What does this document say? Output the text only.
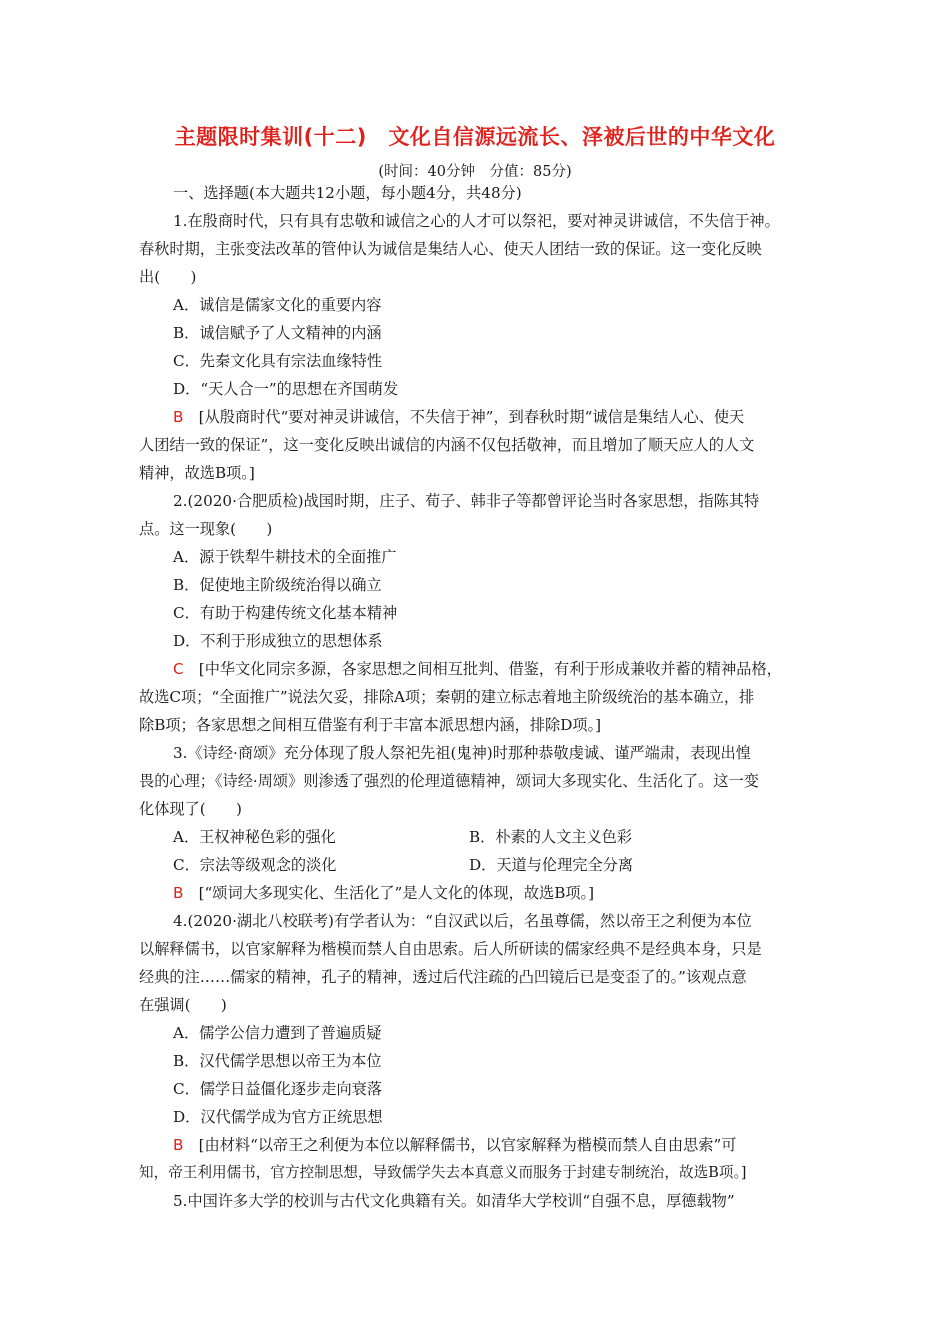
主题限时集训(十二)　文化自信源远流长、泽被后世的中华文化
(时间：40分钟　分值：85分)

一、选择题(本大题共12小题，每小题4分，共48分)

1.在殷商时代，只有具有忠敬和诚信之心的人才可以祭祀，要对神灵讲诚信，不失信于神。

春秋时期，主张变法改革的管仲认为诚信是集结人心、使天人团结一致的保证。这一变化反映

出(　　)

A．诚信是儒家文化的重要内容

B．诚信赋予了人文精神的内涵

C．先秦文化具有宗法血缘特性

D．“天人合一”的思想在齐国萌发

B　[从殷商时代“要对神灵讲诚信，不失信于神”，到春秋时期“诚信是集结人心、使天

人团结一致的保证”，这一变化反映出诚信的内涵不仅包括敬神，而且增加了顺天应人的人文

精神，故选B项。]

2.(2020·合肥质检)战国时期，庄子、荀子、韩非子等都曾评论当时各家思想，指陈其特

点。这一现象(　　)

A．源于铁犁牛耕技术的全面推广

B．促使地主阶级统治得以确立

C．有助于构建传统文化基本精神

D．不利于形成独立的思想体系

C　[中华文化同宗多源，各家思想之间相互批判、借鉴，有利于形成兼收并蓄的精神品格，

故选C项；“全面推广”说法欠妥，排除A项；秦朝的建立标志着地主阶级统治的基本确立，排

除B项；各家思想之间相互借鉴有利于丰富本派思想内涵，排除D项。]

3.《诗经·商颂》充分体现了殷人祭祀先祖(鬼神)时那种恭敬虔诚、谨严端肃，表现出惶

畏的心理；《诗经·周颂》则渗透了强烈的伦理道德精神，颂词大多现实化、生活化了。这一变

化体现了(　　)

A．王权神秘色彩的强化	B．朴素的人文主义色彩
C．宗法等级观念的淡化	D．天道与伦理完全分离

B　[“颂词大多现实化、生活化了”是人文化的体现，故选B项。]

4.(2020·湖北八校联考)有学者认为：“自汉武以后，名虽尊儒，然以帝王之利便为本位

以解释儒书，以官家解释为楷模而禁人自由思索。后人所研读的儒家经典不是经典本身，只是

经典的注……儒家的精神，孔子的精神，透过后代注疏的凸凹镜后已是变歪了的。”该观点意

在强调(　　)

A．儒学公信力遭到了普遍质疑

B．汉代儒学思想以帝王为本位

C．儒学日益僵化逐步走向衰落

D．汉代儒学成为官方正统思想

B　[由材料“以帝王之利便为本位以解释儒书，以官家解释为楷模而禁人自由思索”可

知，帝王利用儒书，官方控制思想，导致儒学失去本真意义而服务于封建专制统治，故选B项。]

5.中国许多大学的校训与古代文化典籍有关。如清华大学校训“自强不息，厚德载物”
